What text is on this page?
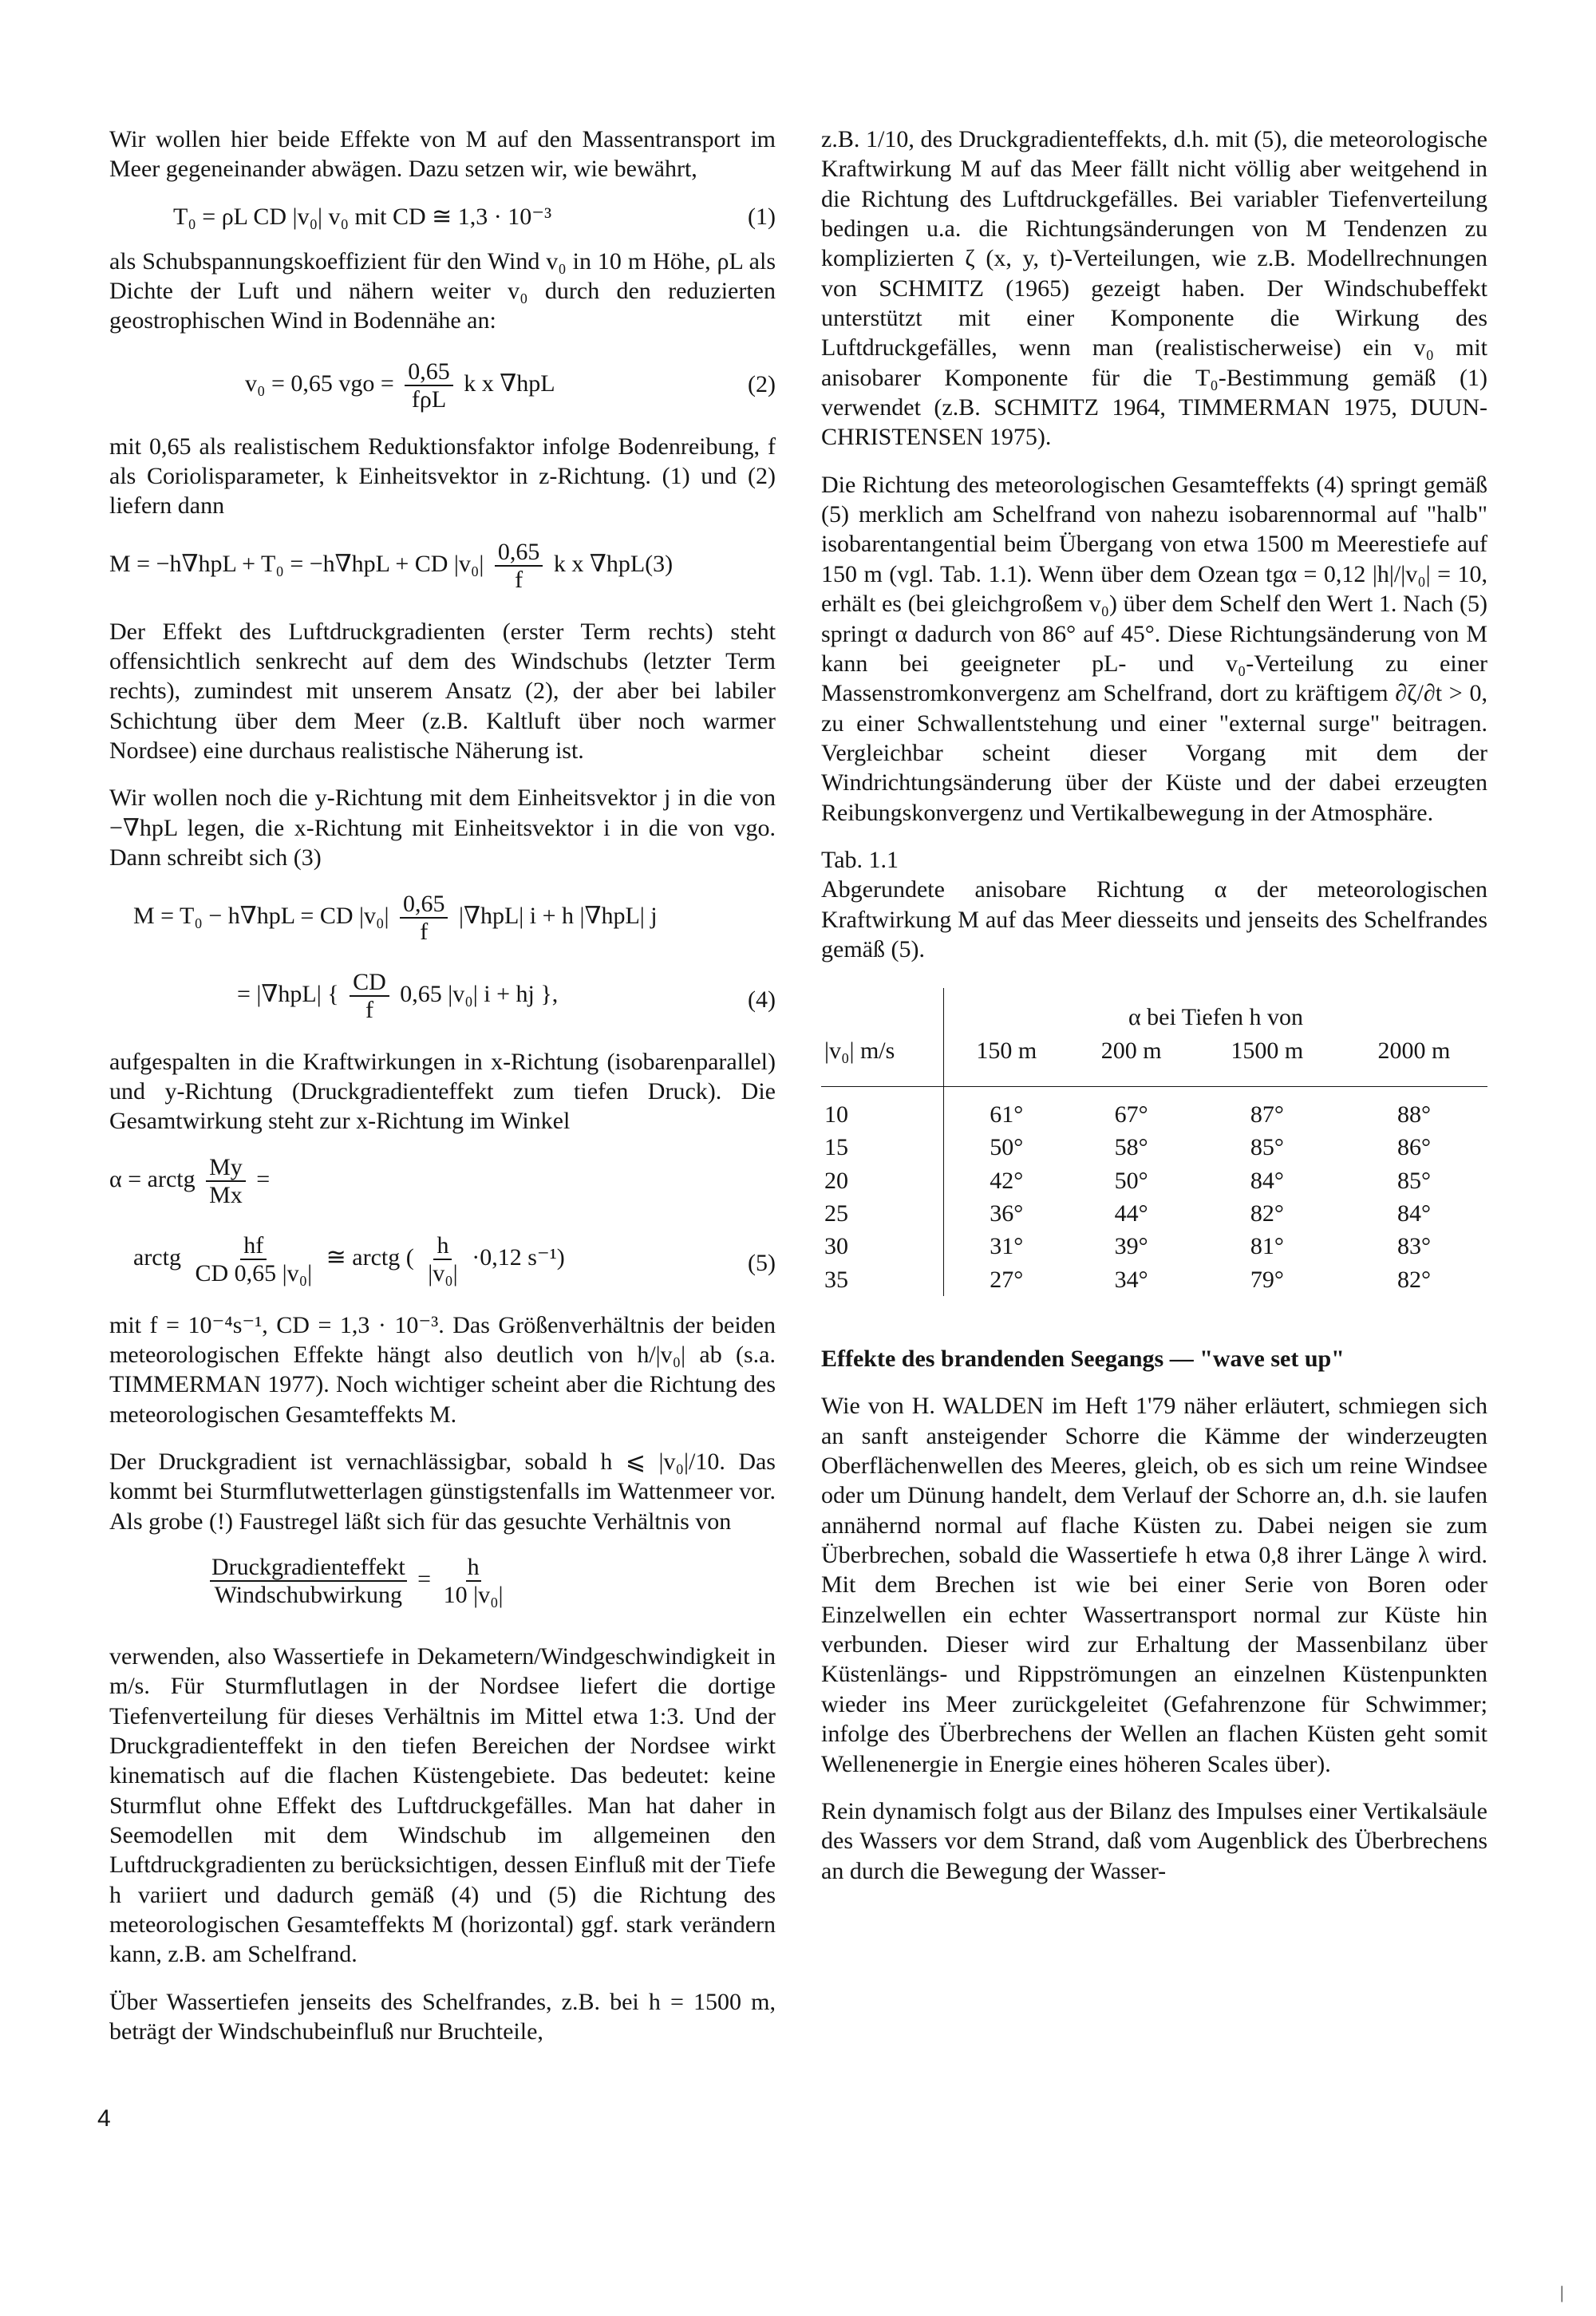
Wir wollen hier beide Effekte von M auf den Massentransport im Meer gegeneinander abwägen. Dazu setzen wir, wie bewährt,

T₀ = ρL CD |v₀| v₀ mit CD ≅ 1,3 · 10⁻³	(1)

als Schubspannungskoeffizient für den Wind v₀ in 10 m Höhe, ρL als Dichte der Luft und nähern weiter v₀ durch den reduzierten geostrophischen Wind in Bodennähe an:

v₀ = 0,65 vgo = $\frac{0,65}{\text{fρL}}$ k x ∇hpL	(2)

mit 0,65 als realistischem Reduktionsfaktor infolge Bodenreibung, f als Coriolisparameter, k Einheitsvektor in z-Richtung. (1) und (2) liefern dann

M = −h∇hpL + T₀ = −h∇hpL + CD $|v_0| \frac{0,65}{f}$ k x ∇hpL(3)

Der Effekt des Luftdruckgradienten (erster Term rechts) steht offensichtlich senkrecht auf dem des Windschubs (letzter Term rechts), zumindest mit unserem Ansatz (2), der aber bei labiler Schichtung über dem Meer (z.B. Kaltluft über noch warmer Nordsee) eine durchaus realistische Näherung ist.

Wir wollen noch die y-Richtung mit dem Einheitsvektor j in die von −∇hpL legen, die x-Richtung mit Einheitsvektor i in die von vgo. Dann schreibt sich (3)

M = T₀ − h∇hpL = CD $|v_0| \frac{0,65}{f} |\nabla hpL|$ i + h |∇hpL| j
= |∇hpL| { $\frac{CD}{f} 0,65$ |v₀| i + hj },	(4)

aufgespalten in die Kraftwirkungen in x-Richtung (isobarenparallel) und y-Richtung (Druckgradienteffekt zum tiefen Druck). Die Gesamtwirkung steht zur x-Richtung im Winkel

α = arctg $\frac{My}{Mx}$ =
arctg $\frac{hf}{\text{CD 0,65 |v₀|}}$ ≅ arctg ( $\frac{h}{\text{|v₀|}} \cdot 0,12$ s⁻¹)	(5)

mit f = 10⁻⁴s⁻¹, CD = 1,3 · 10⁻³. Das Größenverhältnis der beiden meteorologischen Effekte hängt also deutlich von h/|v₀| ab (s.a. TIMMERMAN 1977). Noch wichtiger scheint aber die Richtung des meteorologischen Gesamteffekts M.

Der Druckgradient ist vernachlässigbar, sobald h ⩽ |v₀|/10. Das kommt bei Sturmflutwetterlagen günstigstenfalls im Wattenmeer vor. Als grobe (!) Faustregel läßt sich für das gesuchte Verhältnis von

$\frac{\text{Druckgradienteffekt}}{\text{Windschubwirkung}} = \frac{h}{\text{10 |v₀|}}$

verwenden, also Wassertiefe in Dekametern/Windgeschwindigkeit in m/s. Für Sturmflutlagen in der Nordsee liefert die dortige Tiefenverteilung für dieses Verhältnis im Mittel etwa 1:3. Und der Druckgradienteffekt in den tiefen Bereichen der Nordsee wirkt kinematisch auf die flachen Küstengebiete. Das bedeutet: keine Sturmflut ohne Effekt des Luftdruckgefälles. Man hat daher in Seemodellen mit dem Windschub im allgemeinen den Luftdruckgradienten zu berücksichtigen, dessen Einfluß mit der Tiefe h variiert und dadurch gemäß (4) und (5) die Richtung des meteorologischen Gesamteffekts M (horizontal) ggf. stark verändern kann, z.B. am Schelfrand.

Über Wassertiefen jenseits des Schelfrandes, z.B. bei h = 1500 m, beträgt der Windschubeinfluß nur Bruchteile,

z.B. 1/10, des Druckgradienteffekts, d.h. mit (5), die meteorologische Kraftwirkung M auf das Meer fällt nicht völlig aber weitgehend in die Richtung des Luftdruckgefälles. Bei variabler Tiefenverteilung bedingen u.a. die Richtungsänderungen von M Tendenzen zu komplizierten ζ (x, y, t)-Verteilungen, wie z.B. Modellrechnungen von SCHMITZ (1965) gezeigt haben. Der Windschubeffekt unterstützt mit einer Komponente die Wirkung des Luftdruckgefälles, wenn man (realistischerweise) ein v₀ mit anisobarer Komponente für die T₀-Bestimmung gemäß (1) verwendet (z.B. SCHMITZ 1964, TIMMERMAN 1975, DUUN-CHRISTENSEN 1975).

Die Richtung des meteorologischen Gesamteffekts (4) springt gemäß (5) merklich am Schelfrand von nahezu isobarennormal auf "halb" isobarentangential beim Übergang von etwa 1500 m Meerestiefe auf 150 m (vgl. Tab. 1.1). Wenn über dem Ozean tgα = 0,12 |h|/|v₀| = 10, erhält es (bei gleichgroßem v₀) über dem Schelf den Wert 1. Nach (5) springt α dadurch von 86° auf 45°. Diese Richtungsänderung von M kann bei geeigneter pL- und v₀-Verteilung zu einer Massenstromkonvergenz am Schelfrand, dort zu kräftigem ∂ζ/∂t > 0, zu einer Schwallentstehung und einer "external surge" beitragen. Vergleichbar scheint dieser Vorgang mit dem der Windrichtungsänderung über der Küste und der dabei erzeugten Reibungskonvergenz und Vertikalbewegung in der Atmosphäre.

Tab. 1.1

Abgerundete anisobare Richtung α der meteorologischen Kraftwirkung M auf das Meer diesseits und jenseits des Schelfrandes gemäß (5).

	α bei Tiefen h von			
|v₀| m/s	150 m	200 m	1500 m	2000 m
10	61°	67°	87°	88°
15	50°	58°	85°	86°
20	42°	50°	84°	85°
25	36°	44°	82°	84°
30	31°	39°	81°	83°
35	27°	34°	79°	82°
Effekte des brandenden Seegangs — "wave set up"

Wie von H. WALDEN im Heft 1'79 näher erläutert, schmiegen sich an sanft ansteigender Schorre die Kämme der winderzeugten Oberflächenwellen des Meeres, gleich, ob es sich um reine Windsee oder um Dünung handelt, dem Verlauf der Schorre an, d.h. sie laufen annähernd normal auf flache Küsten zu. Dabei neigen sie zum Überbrechen, sobald die Wassertiefe h etwa 0,8 ihrer Länge λ wird. Mit dem Brechen ist wie bei einer Serie von Boren oder Einzelwellen ein echter Wassertransport normal zur Küste hin verbunden. Dieser wird zur Erhaltung der Massenbilanz über Küstenlängs- und Rippströmungen an einzelnen Küstenpunkten wieder ins Meer zurückgeleitet (Gefahrenzone für Schwimmer; infolge des Überbrechens der Wellen an flachen Küsten geht somit Wellenenergie in Energie eines höheren Scales über).

Rein dynamisch folgt aus der Bilanz des Impulses einer Vertikalsäule des Wassers vor dem Strand, daß vom Augenblick des Überbrechens an durch die Bewegung der Wasser-

4
|
